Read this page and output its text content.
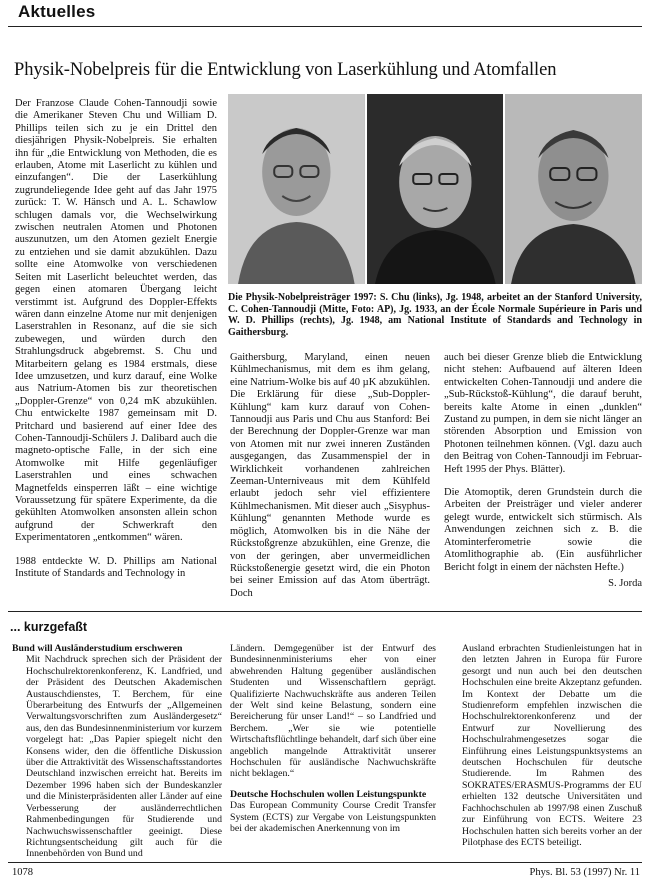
Aktuelles
Physik-Nobelpreis für die Entwicklung von Laserkühlung und Atomfallen

Der Franzose Claude Cohen-Tannoudji sowie die Amerikaner Steven Chu und William D. Phillips teilen sich zu je ein Drittel den diesjährigen Physik-Nobelpreis. Sie erhalten ihn für „die Entwicklung von Methoden, die es erlauben, Atome mit Laserlicht zu kühlen und einzufangen“. Die der Laserkühlung zugrundeliegende Idee geht auf das Jahr 1975 zurück: T. W. Hänsch und A. L. Schawlow schlugen damals vor, die Wechselwirkung zwischen neutralen Atomen und Photonen auszunutzen, um den Atomen gezielt Energie zu entziehen und sie damit abzukühlen. Dazu sollte eine Atomwolke von verschiedenen Seiten mit Laserlicht beleuchtet werden, das gegen einen atomaren Übergang leicht verstimmt ist. Aufgrund des Doppler-Effekts wären dann einzelne Atome nur mit denjenigen Laserstrahlen in Resonanz, auf die sie sich zubewegen, und würden durch den Strahlungsdruck abgebremst. S. Chu und Mitarbeitern gelang es 1984 erstmals, diese Idee umzusetzen, und kurz darauf, eine Wolke aus Natrium-Atomen bis zur theoretischen „Doppler-Grenze“ von 0,24 mK abzukühlen. Chu entwickelte 1987 gemeinsam mit D. Pritchard und basierend auf einer Idee des Cohen-Tannoudji-Schülers J. Dalibard auch die magneto-optische Falle, in der sich eine Atomwolke mit Hilfe gegenläufiger Laserstrahlen und eines schwachen Magnetfelds einsperren läßt – eine wichtige Voraussetzung für spätere Experimente, da die gekühlten Atomwolken ansonsten allein schon aufgrund der Schwerkraft den Experimentatoren „entkommen“ wären.

1988 entdeckte W. D. Phillips am National Institute of Standards and Technology in

Die Physik-Nobelpreisträger 1997: S. Chu (links), Jg. 1948, arbeitet an der Stanford University, C. Cohen-Tannoudji (Mitte, Foto: AP), Jg. 1933, an der École Normale Supérieure in Paris und W. D. Phillips (rechts), Jg. 1948, am National Institute of Standards and Technology in Gaithersburg.

Gaithersburg, Maryland, einen neuen Kühlmechanismus, mit dem es ihm gelang, eine Natrium-Wolke bis auf 40 µK abzukühlen. Die Erklärung für diese „Sub-Doppler-Kühlung“ kam kurz darauf von Cohen-Tannoudji aus Paris und Chu aus Stanford: Bei der Berechnung der Doppler-Grenze war man von Atomen mit nur zwei inneren Zuständen ausgegangen, das Zusammenspiel der in Wirklichkeit vorhandenen zahlreichen Zeeman-Unterniveaus mit dem Kühlfeld erlaubt jedoch sehr viel effizientere Kühlmechanismen. Mit dieser auch „Sisyphus-Kühlung“ genannten Methode wurde es möglich, Atomwolken bis in die Nähe der Rückstoßgrenze abzukühlen, eine Grenze, die von der geringen, aber unvermeidlichen Rückstoßenergie gesetzt wird, die ein Photon bei seiner Emission auf das Atom überträgt. Doch

auch bei dieser Grenze blieb die Entwicklung nicht stehen: Aufbauend auf älteren Ideen entwickelten Cohen-Tannoudji und andere die „Sub-Rückstoß-Kühlung“, die darauf beruht, bereits kalte Atome in einen „dunklen“ Zustand zu pumpen, in dem sie nicht länger an störenden Absorption und Emission von Photonen teilnehmen können. (Vgl. dazu auch den Beitrag von Cohen-Tannoudji im Februar-Heft 1995 der Phys. Blätter).

Die Atomoptik, deren Grundstein durch die Arbeiten der Preisträger und vieler anderer gelegt wurde, entwickelt sich stürmisch. Als Anwendungen zeichnen sich z. B. die Atominterferometrie sowie die Atomlithographie ab. (Ein ausführlicher Bericht folgt in einem der nächsten Hefte.)

S. Jorda

... kurzgefaßt

Bund will Auslãnderstudium erschweren

Mit Nachdruck sprechen sich der Präsident der Hochschulrektorenkonferenz, K. Landfried, und der Präsident des Deutschen Akademischen Austauschdienstes, T. Berchem, für eine Überarbeitung des Entwurfs der „Allgemeinen Verwaltungsvorschriften zum Ausländergesetz“ aus, den das Bundesinnenministerium vor kurzem vorgelegt hat: „Das Papier spiegelt nicht den Konsens wider, den die öffentliche Diskussion über die Attraktivität des Wissenschaftsstandortes Deutschland inzwischen erreicht hat. Bereits im Dezember 1996 haben sich der Bundeskanzler und die Ministerpräsidenten aller Länder auf eine Verbesserung der ausländerrechtlichen Rahmenbedingungen für Studierende und Nachwuchswissenschaftler geeinigt. Diese Richtungsentscheidung gilt auch für die Innenbehörden von Bund und

Ländern. Demgegenüber ist der Entwurf des Bundesinnenministeriums eher von einer abwehrenden Haltung gegenüber ausländischen Studenten und Wissenschaftlern geprägt. Qualifizierte Nachwuchskräfte aus anderen Teilen der Welt sind keine Belastung, sondern eine Bereicherung für unser Land!“ – so Landfried und Berchem. „Wer sie wie potentielle Wirtschaftsflüchtlinge behandelt, darf sich über eine angeblich mangelnde Attraktivität unserer Hochschulen für ausländische Nachwuchskräfte nicht beklagen.“

Deutsche Hochschulen wollen Leistungspunkte

Das European Community Course Credit Transfer System (ECTS) zur Vergabe von Leistungspunkten bei der akademischen Anerkennung von im

Ausland erbrachten Studienleistungen hat in den letzten Jahren in Europa für Furore gesorgt und nun auch bei den deutschen Hochschulen eine breite Akzeptanz gefunden. Im Kontext der Debatte um die Studienreform empfehlen inzwischen die Hochschulrektorenkonferenz und der Entwurf zur Novellierung des Hochschulrahmengesetzes sogar die Einführung eines Leistungspunktsystems an deutschen Hochschulen für deutsche Studierende. Im Rahmen des SOKRATES/ERASMUS-Programms der EU erhielten 132 deutsche Universitäten und Fachhochschulen ab 1997/98 einen Zuschuß zur Einführung von ECTS. Weitere 23 Hochschulen hatten sich bereits vorher an der Pilotphase des ECTS beteiligt.

1078	Phys. Bl. 53 (1997) Nr. 11
